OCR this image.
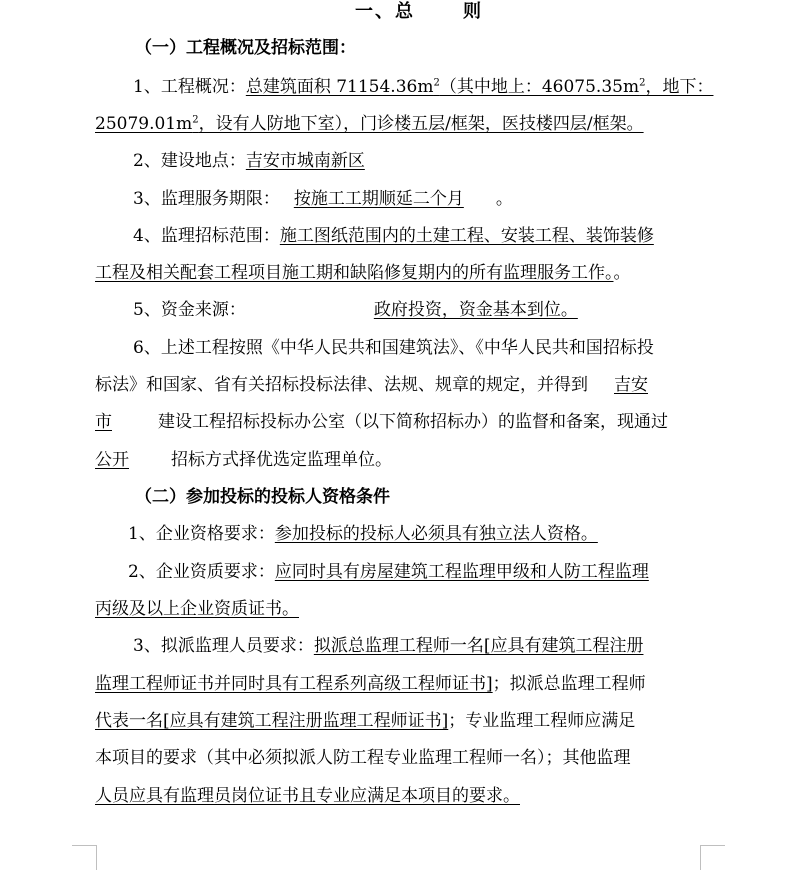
一、总	则
（一）工程概况及招标范围：
1、工程概况：总建筑面积 $71154.36m^2$（其中地上：$46075.35m^2$，地下：
$25079.01m^2$，设有人防地下室），门诊楼五层/框架，医技楼四层/框架。
2、建设地点：吉安市城南新区
3、监理服务期限： 按施工工期顺延二个月 。
4、监理招标范围：施工图纸范围内的土建工程、安装工程、装饰装修
工程及相关配套工程项目施工期和缺陷修复期内的所有监理服务工作。。
5、资金来源：	政府投资，资金基本到位。
6、上述工程按照《中华人民共和国建筑法》、《中华人民共和国招标投
标法》和国家、省有关招标投标法律、法规、规章的规定，并得到 吉安
市	建设工程招标投标办公室（以下简称招标办）的监督和备案，现通过
公开 招标方式择优选定监理单位。
（二）参加投标的投标人资格条件
1、企业资格要求：参加投标的投标人必须具有独立法人资格。
2、企业资质要求：应同时具有房屋建筑工程监理甲级和人防工程监理
丙级及以上企业资质证书。
3、拟派监理人员要求：拟派总监理工程师一名[应具有建筑工程注册
监理工程师证书并同时具有工程系列高级工程师证书]；拟派总监理工程师
代表一名[应具有建筑工程注册监理工程师证书]；专业监理工程师应满足
本项目的要求（其中必须拟派人防工程专业监理工程师一名）；其他监理
人员应具有监理员岗位证书且专业应满足本项目的要求。
